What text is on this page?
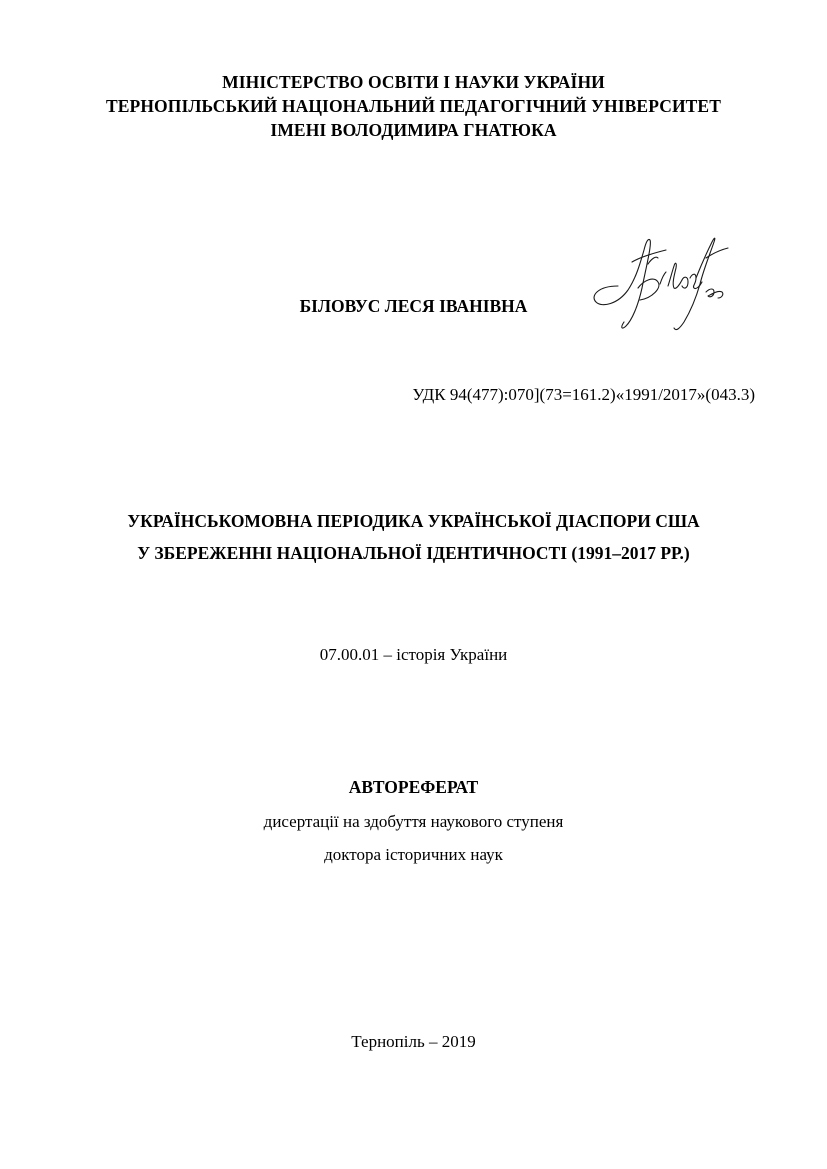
МІНІСТЕРСТВО ОСВІТИ І НАУКИ УКРАЇНИ
ТЕРНОПІЛЬСЬКИЙ НАЦІОНАЛЬНИЙ ПЕДАГОГІЧНИЙ УНІВЕРСИТЕТ
ІМЕНІ ВОЛОДИМИРА ГНАТЮКА
БІЛОВУС ЛЕСЯ ІВАНІВНА
УДК 94(477):070](73=161.2)«1991/2017»(043.3)
УКРАЇНСЬКОМОВНА ПЕРІОДИКА УКРАЇНСЬКОЇ ДІАСПОРИ США
У ЗБЕРЕЖЕННІ НАЦІОНАЛЬНОЇ ІДЕНТИЧНОСТІ (1991–2017 РР.)
07.00.01 – історія України
АВТОРЕФЕРАТ
дисертації на здобуття наукового ступеня
доктора історичних наук
Тернопіль – 2019
